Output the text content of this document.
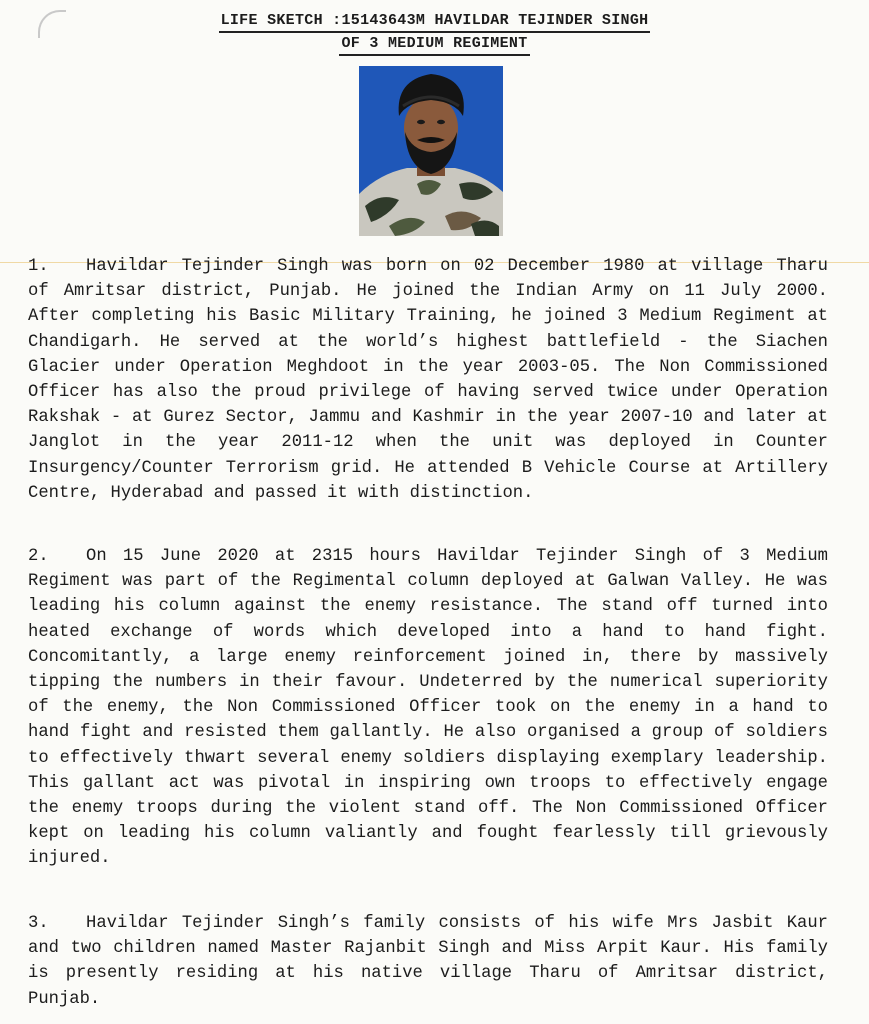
LIFE SKETCH :15143643M HAVILDAR TEJINDER SINGH
OF 3 MEDIUM REGIMENT

1. Havildar Tejinder Singh was born on 02 December 1980 at village Tharu of Amritsar district, Punjab. He joined the Indian Army on 11 July 2000. After completing his Basic Military Training, he joined 3 Medium Regiment at Chandigarh. He served at the world’s highest battlefield - the Siachen Glacier under Operation Meghdoot in the year 2003-05. The Non Commissioned Officer has also the proud privilege of having served twice under Operation Rakshak - at Gurez Sector, Jammu and Kashmir in the year 2007-10 and later at Janglot in the year 2011-12 when the unit was deployed in Counter Insurgency/Counter Terrorism grid. He attended B Vehicle Course at Artillery Centre, Hyderabad and passed it with distinction.

2. On 15 June 2020 at 2315 hours Havildar Tejinder Singh of 3 Medium Regiment was part of the Regimental column deployed at Galwan Valley. He was leading his column against the enemy resistance. The stand off turned into heated exchange of words which developed into a hand to hand fight. Concomitantly, a large enemy reinforcement joined in, there by massively tipping the numbers in their favour. Undeterred by the numerical superiority of the enemy, the Non Commissioned Officer took on the enemy in a hand to hand fight and resisted them gallantly. He also organised a group of soldiers to effectively thwart several enemy soldiers displaying exemplary leadership. This gallant act was pivotal in inspiring own troops to effectively engage the enemy troops during the violent stand off. The Non Commissioned Officer kept on leading his column valiantly and fought fearlessly till grievously injured.

3. Havildar Tejinder Singh’s family consists of his wife Mrs Jasbit Kaur and two children named Master Rajanbit Singh and Miss Arpit Kaur. His family is presently residing at his native village Tharu of Amritsar district, Punjab.
